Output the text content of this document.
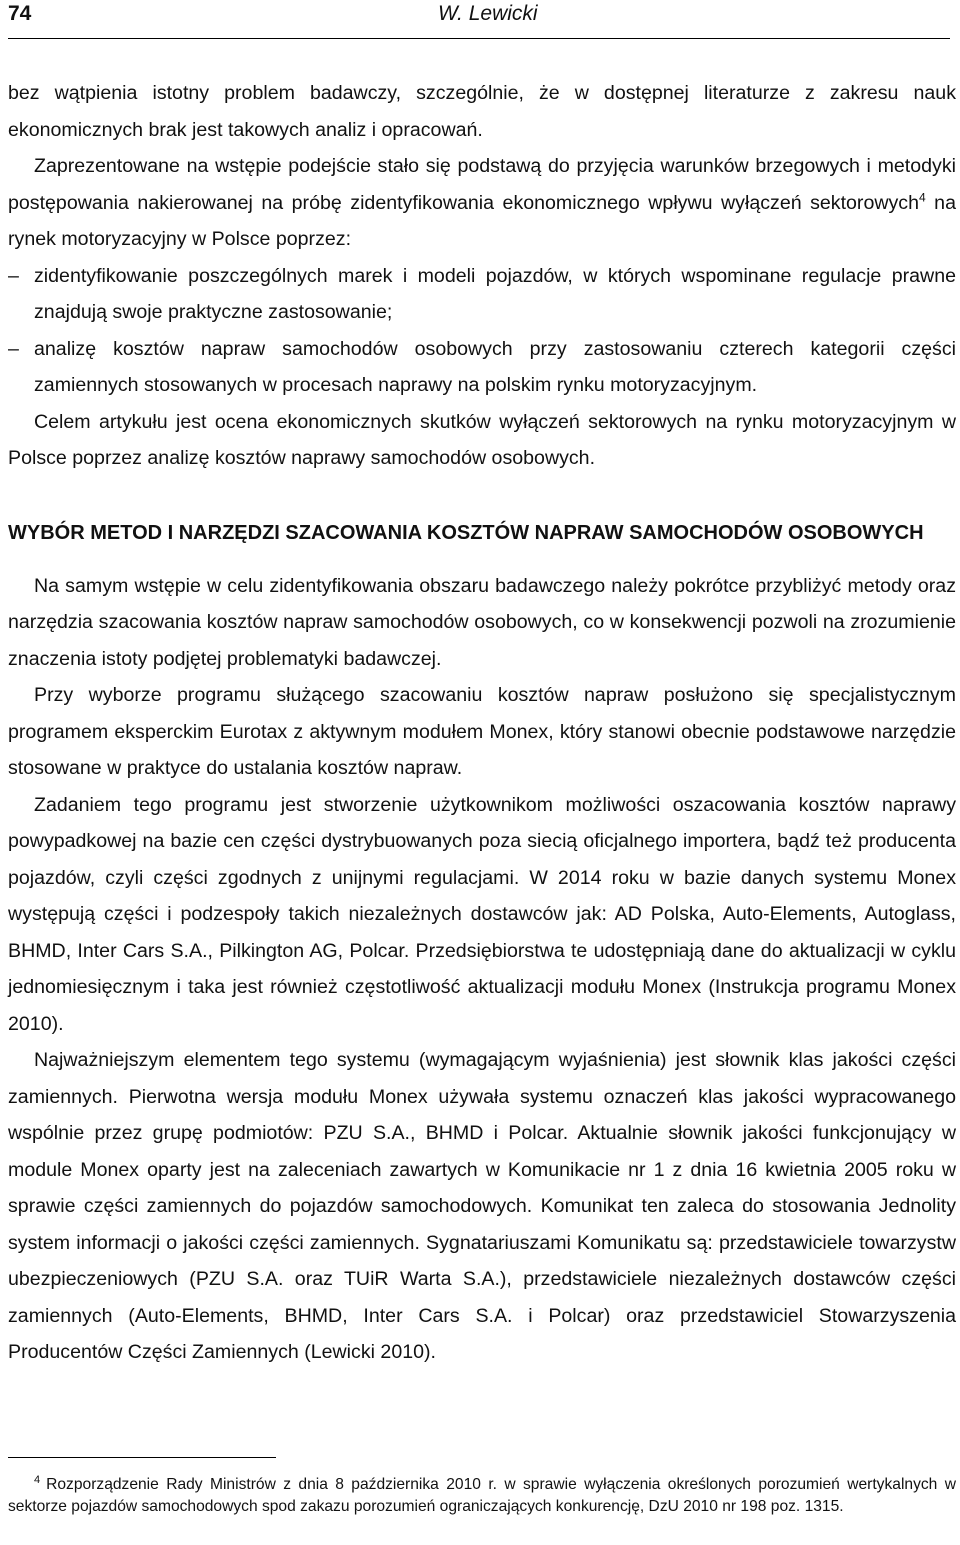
74	W. Lewicki

bez wątpienia istotny problem badawczy, szczególnie, że w dostępnej literaturze z zakresu nauk ekonomicznych brak jest takowych analiz i opracowań.

Zaprezentowane na wstępie podejście stało się podstawą do przyjęcia warunków brzegowych i metodyki postępowania nakierowanej na próbę zidentyfikowania ekonomicznego wpływu wyłączeń sektorowych$^4$ na rynek motoryzacyjny w Polsce poprzez:

– zidentyfikowanie poszczególnych marek i modeli pojazdów, w których wspominane regulacje prawne znajdują swoje praktyczne zastosowanie;

– analizę kosztów napraw samochodów osobowych przy zastosowaniu czterech kategorii części zamiennych stosowanych w procesach naprawy na polskim rynku motoryzacyjnym.

Celem artykułu jest ocena ekonomicznych skutków wyłączeń sektorowych na rynku motoryzacyjnym w Polsce poprzez analizę kosztów naprawy samochodów osobowych.

WYBÓR METOD I NARZĘDZI SZACOWANIA KOSZTÓW NAPRAW SAMOCHODÓW OSOBOWYCH

Na samym wstępie w celu zidentyfikowania obszaru badawczego należy pokrótce przybliżyć metody oraz narzędzia szacowania kosztów napraw samochodów osobowych, co w konsekwencji pozwoli na zrozumienie znaczenia istoty podjętej problematyki badawczej.

Przy wyborze programu służącego szacowaniu kosztów napraw posłużono się specjalistycznym programem eksperckim Eurotax z aktywnym modułem Monex, który stanowi obecnie podstawowe narzędzie stosowane w praktyce do ustalania kosztów napraw.

Zadaniem tego programu jest stworzenie użytkownikom możliwości oszacowania kosztów naprawy powypadkowej na bazie cen części dystrybuowanych poza siecią oficjalnego importera, bądź też producenta pojazdów, czyli części zgodnych z unijnymi regulacjami. W 2014 roku w bazie danych systemu Monex występują części i podzespoły takich niezależnych dostawców jak: AD Polska, Auto-Elements, Autoglass, BHMD, Inter Cars S.A., Pilkington AG, Polcar. Przedsiębiorstwa te udostępniają dane do aktualizacji w cyklu jednomiesięcznym i taka jest również częstotliwość aktualizacji modułu Monex (Instrukcja programu Monex 2010).

Najważniejszym elementem tego systemu (wymagającym wyjaśnienia) jest słownik klas jakości części zamiennych. Pierwotna wersja modułu Monex używała systemu oznaczeń klas jakości wypracowanego wspólnie przez grupę podmiotów: PZU S.A., BHMD i Polcar. Aktualnie słownik jakości funkcjonujący w module Monex oparty jest na zaleceniach zawartych w Komunikacie nr 1 z dnia 16 kwietnia 2005 roku w sprawie części zamiennych do pojazdów samochodowych. Komunikat ten zaleca do stosowania Jednolity system informacji o jakości części zamiennych. Sygnatariuszami Komunikatu są: przedstawiciele towarzystw ubezpieczeniowych (PZU S.A. oraz TUiR Warta S.A.), przedstawiciele niezależnych dostawców części zamiennych (Auto-Elements, BHMD, Inter Cars S.A. i Polcar) oraz przedstawiciel Stowarzyszenia Producentów Części Zamiennych (Lewicki 2010).

$^4$ Rozporządzenie Rady Ministrów z dnia 8 października 2010 r. w sprawie wyłączenia określonych porozumień wertykalnych w sektorze pojazdów samochodowych spod zakazu porozumień ograniczających konkurencję, DzU 2010 nr 198 poz. 1315.
